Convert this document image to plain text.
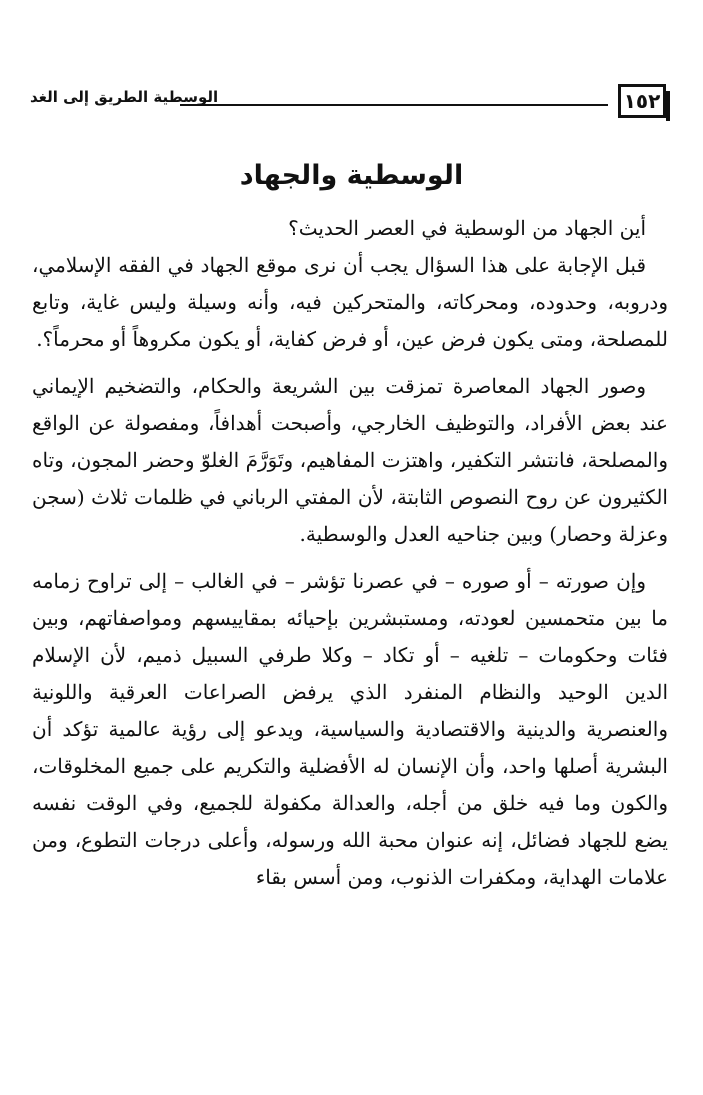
١٥٢
الوسطية الطريق إلى الغد
الوسطية والجهاد

أين الجهاد من الوسطية في العصر الحديث؟

قبل الإجابة على هذا السؤال يجب أن نرى موقع الجهاد في الفقه الإسلامي، ودروبه، وحدوده، ومحركاته، والمتحركين فيه، وأنه وسيلة وليس غاية، وتابع للمصلحة، ومتى يكون فرض عين، أو فرض كفاية، أو يكون مكروهاً أو محرماً؟.

وصور الجهاد المعاصرة تمزقت بين الشريعة والحكام، والتضخيم الإيماني عند بعض الأفراد، والتوظيف الخارجي، وأصبحت أهدافاً، ومفصولة عن الواقع والمصلحة، فانتشر التكفير، واهتزت المفاهيم، وتَوَرَّمَ الغلوّ وحضر المجون، وتاه الكثيرون عن روح النصوص الثابتة، لأن المفتي الرباني في ظلمات ثلاث (سجن وعزلة وحصار) وبين جناحيه العدل والوسطية.

وإن صورته – أو صوره – في عصرنا تؤشر – في الغالب – إلى تراوح زمامه ما بين متحمسين لعودته، ومستبشرين بإحيائه بمقاييسهم ومواصفاتهم، وبين فئات وحكومات – تلغيه – أو تكاد – وكلا طرفي السبيل ذميم، لأن الإسلام الدين الوحيد والنظام المنفرد الذي يرفض الصراعات العرقية واللونية والعنصرية والدينية والاقتصادية والسياسية، ويدعو إلى رؤية عالمية تؤكد أن البشرية أصلها واحد، وأن الإنسان له الأفضلية والتكريم على جميع المخلوقات، والكون وما فيه خلق من أجله، والعدالة مكفولة للجميع، وفي الوقت نفسه يضع للجهاد فضائل، إنه عنوان محبة الله ورسوله، وأعلى درجات التطوع، ومن علامات الهداية، ومكفرات الذنوب، ومن أسس بقاء
